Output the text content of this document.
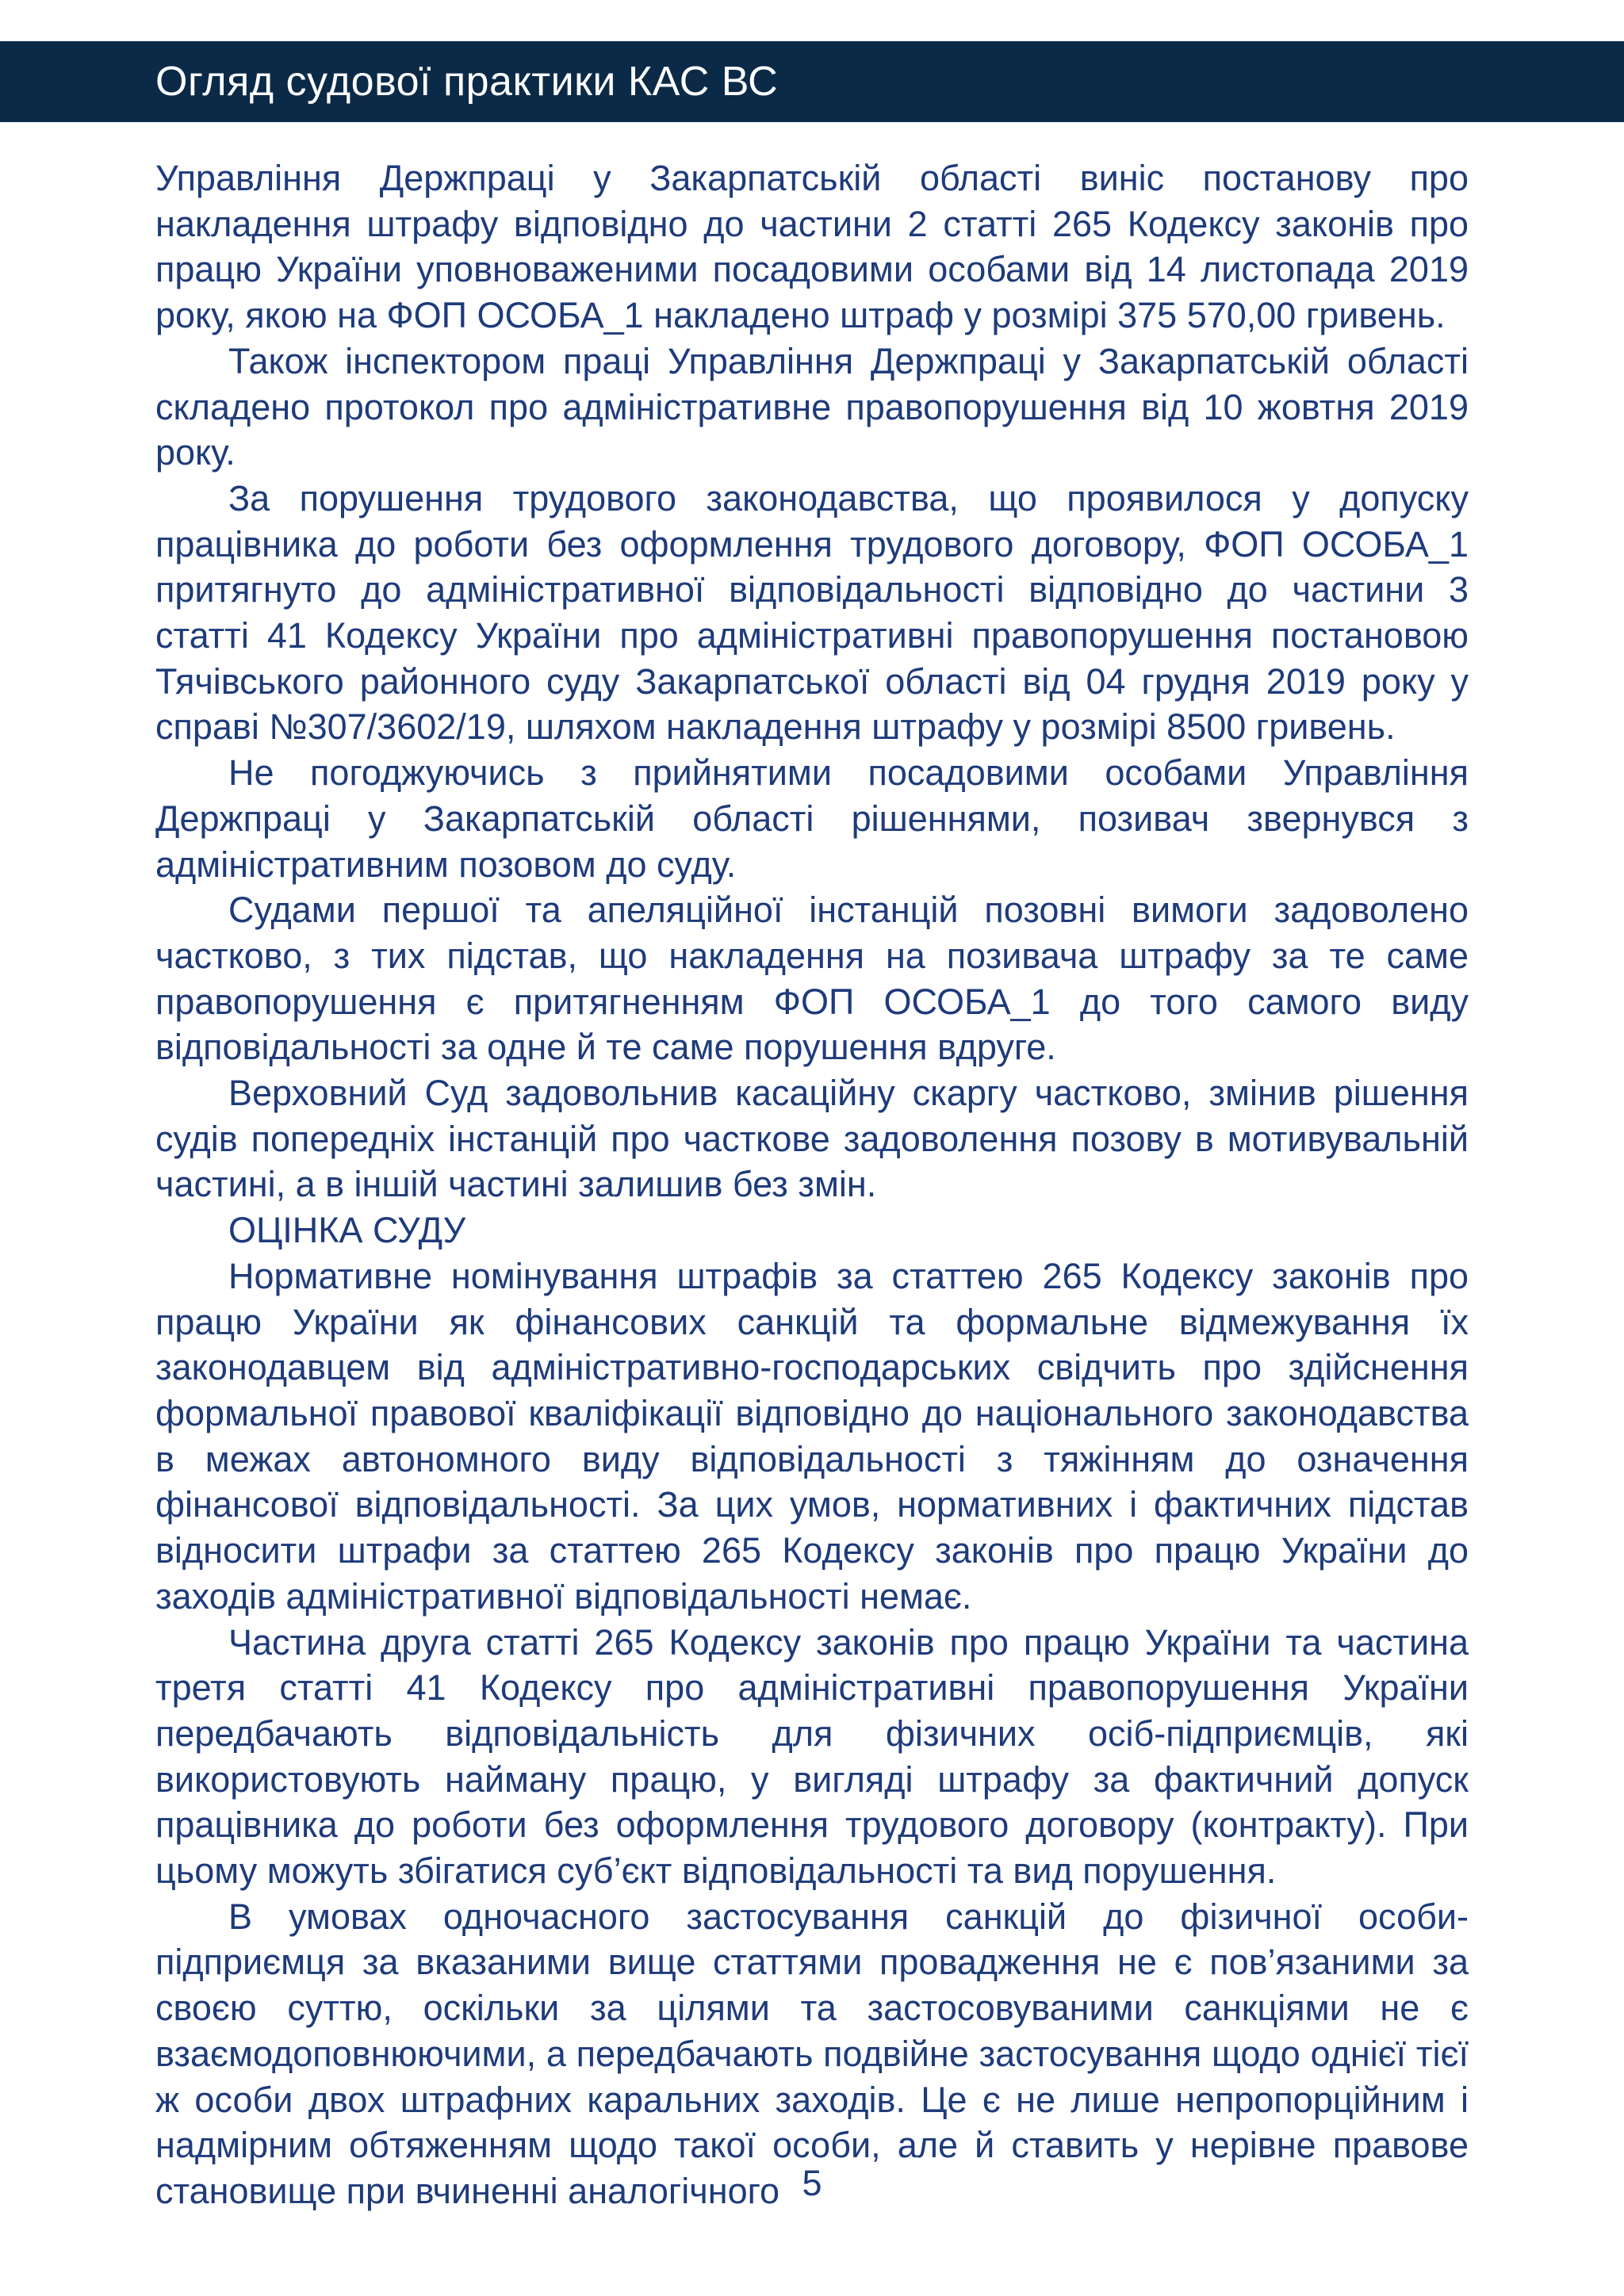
Огляд судової практики КАС ВС

Управління Держпраці у Закарпатській області виніс постанову про накладення штрафу відповідно до частини 2 статті 265 Кодексу законів про працю України уповноваженими посадовими особами від 14 листопада 2019 року, якою на ФОП ОСОБА_1 накладено штраф у розмірі 375 570,00 гривень.

Також інспектором праці Управління Держпраці у Закарпатській області складено протокол про адміністративне правопорушення від 10 жовтня 2019 року.

За порушення трудового законодавства, що проявилося у допуску працівника до роботи без оформлення трудового договору, ФОП ОСОБА_1 притягнуто до адміністративної відповідальності відповідно до частини 3 статті 41 Кодексу України про адміністративні правопорушення постановою Тячівського районного суду Закарпатської області від 04 грудня 2019 року у справі №307/3602/19, шляхом накладення штрафу у розмірі 8500 гривень.

Не погоджуючись з прийнятими посадовими особами Управління Держпраці у Закарпатській області рішеннями, позивач звернувся з адміністративним позовом до суду.

Судами першої та апеляційної інстанцій позовні вимоги задоволено частково, з тих підстав, що накладення на позивача штрафу за те саме правопорушення є притягненням ФОП ОСОБА_1 до того самого виду відповідальності за одне й те саме порушення вдруге.

Верховний Суд задовольнив касаційну скаргу частково, змінив рішення судів попередніх інстанцій про часткове задоволення позову в мотивувальній частині, а в іншій частині залишив без змін.

ОЦІНКА СУДУ

Нормативне номінування штрафів за статтею 265 Кодексу законів про працю України як фінансових санкцій та формальне відмежування їх законодавцем від адміністративно-господарських свідчить про здійснення формальної правової кваліфікації відповідно до національного законодавства в межах автономного виду відповідальності з тяжінням до означення фінансової відповідальності. За цих умов, нормативних і фактичних підстав відносити штрафи за статтею 265 Кодексу законів про працю України до заходів адміністративної відповідальності немає.

Частина друга статті 265 Кодексу законів про працю України та частина третя статті 41 Кодексу про адміністративні правопорушення України передбачають відповідальність для фізичних осіб-підприємців, які використовують найману працю, у вигляді штрафу за фактичний допуск працівника до роботи без оформлення трудового договору (контракту). При цьому можуть збігатися суб’єкт відповідальності та вид порушення.

В умовах одночасного застосування санкцій до фізичної особи-підприємця за вказаними вище статтями провадження не є пов’язаними за своєю суттю, оскільки за цілями та застосовуваними санкціями не є взаємодоповнюючими, а передбачають подвійне застосування щодо однієї тієї ж особи двох штрафних каральних заходів. Це є не лише непропорційним і надмірним обтяженням щодо такої особи, але й ставить у нерівне правове становище при вчиненні аналогічного 5
